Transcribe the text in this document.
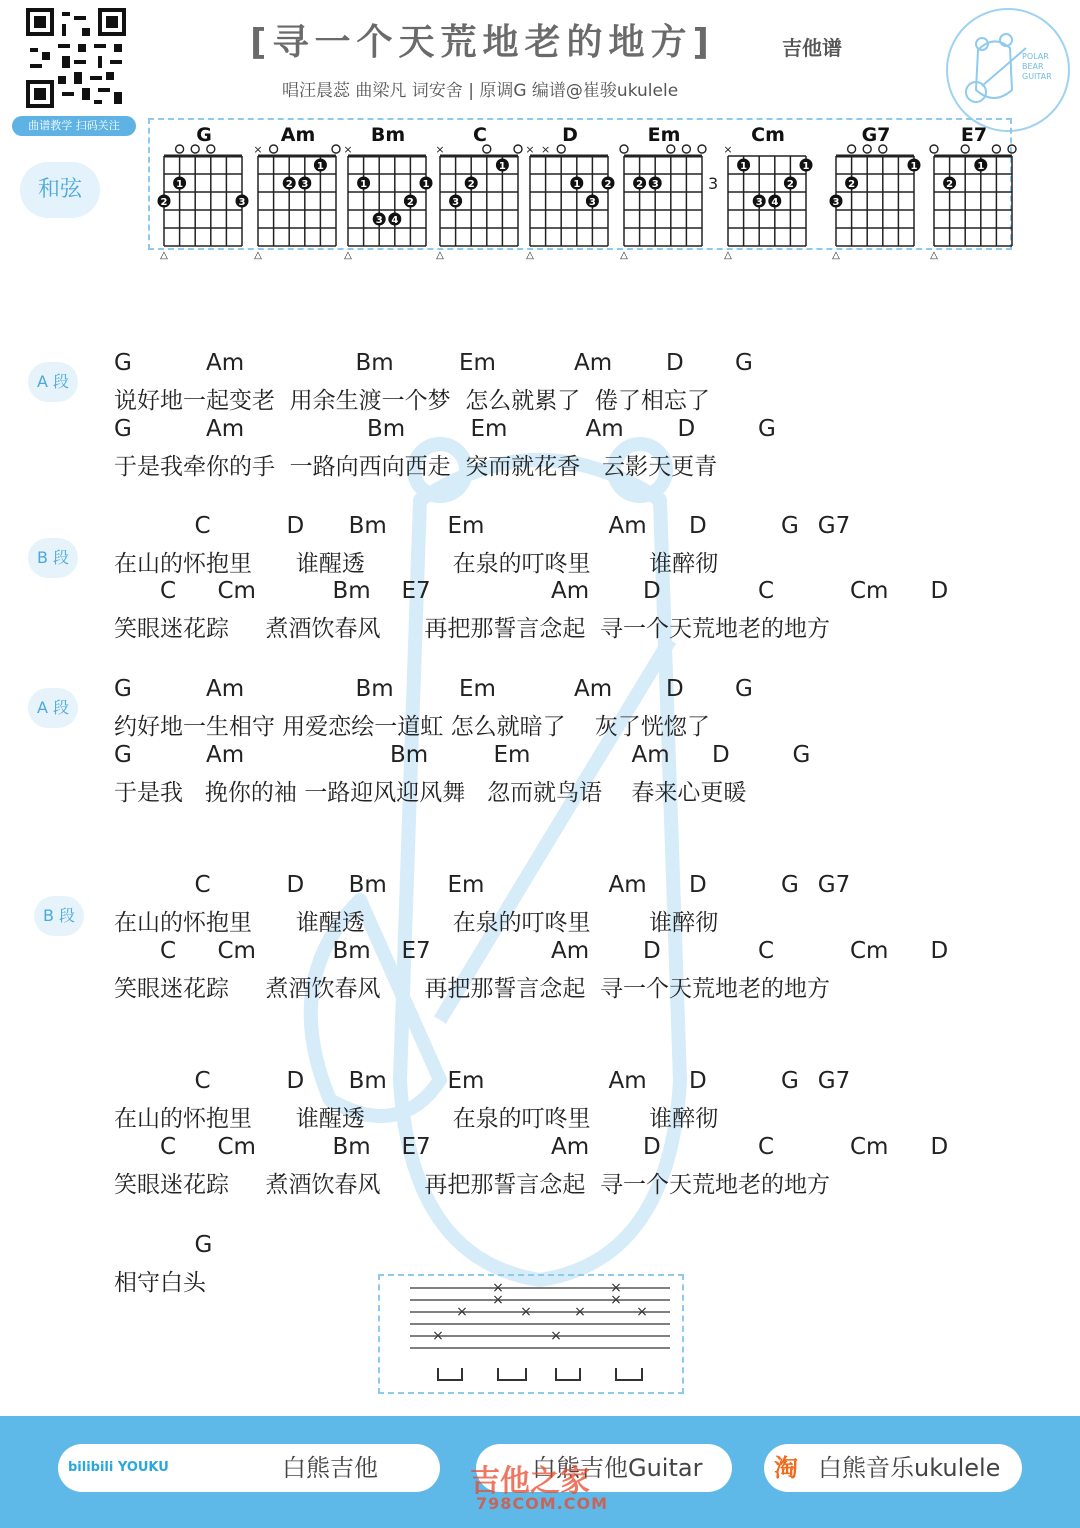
曲谱教学 扫码关注
[寻一个天荒地老的地方]	吉他谱
唱汪晨蕊 曲梁凡 词安舍 | 原调G 编谱@崔骏ukulele
POLAR
BEAR
GUITAR
和弦
G
2
1
3
△
Am
×
2 3
1
△
Bm
×
1
3 4
2
1
△
C
×
3
2
1
△
D
× ×
1
3
2
△
Em
2 3
△
Cm
×
1
3 4
2
1
△
3
G7
3
2
1
△
E7
2
1
△
A 段
B 段
A 段
B 段
G	Am	Bm	Em	Am D G
说好地一起变老  用余生渡一个梦  怎么就累了  倦了相忘了
G	Am	Bm	Em	Am D	G
于是我牵你的手  一路向西向西走  突而就花香   云影天更青
C	D Bm	Em	Am D	G G7
在山的怀抱里      谁醒透            在泉的叮咚里        谁醉彻
C Cm	Bm E7	Am D	C	Cm D
笑眼迷花踪     煮酒饮春风      再把那誓言念起  寻一个天荒地老的地方
G	Am	Bm	Em	Am D G
约好地一生相守 用爱恋绘一道虹 怎么就暗了    灰了恍惚了
G	Am	Bm	Em	Am D	G
于是我   挽你的袖 一路迎风迎风舞   忽而就鸟语    春来心更暖
C	D Bm	Em	Am D	G G7
在山的怀抱里      谁醒透            在泉的叮咚里        谁醉彻
C Cm	Bm E7	Am D	C	Cm D
笑眼迷花踪     煮酒饮春风      再把那誓言念起  寻一个天荒地老的地方
C	D Bm	Em	Am D	G G7
在山的怀抱里      谁醒透            在泉的叮咚里        谁醉彻
C Cm	Bm E7	Am D	C	Cm D
笑眼迷花踪     煮酒饮春风      再把那誓言念起  寻一个天荒地老的地方
G
相守白头	×
×
×
×
×	×	×	×
×	×
bilibili YOUKU	白熊吉他	白熊吉他Guitar	淘 白熊音乐ukulele
吉他之家
798COM.COM
